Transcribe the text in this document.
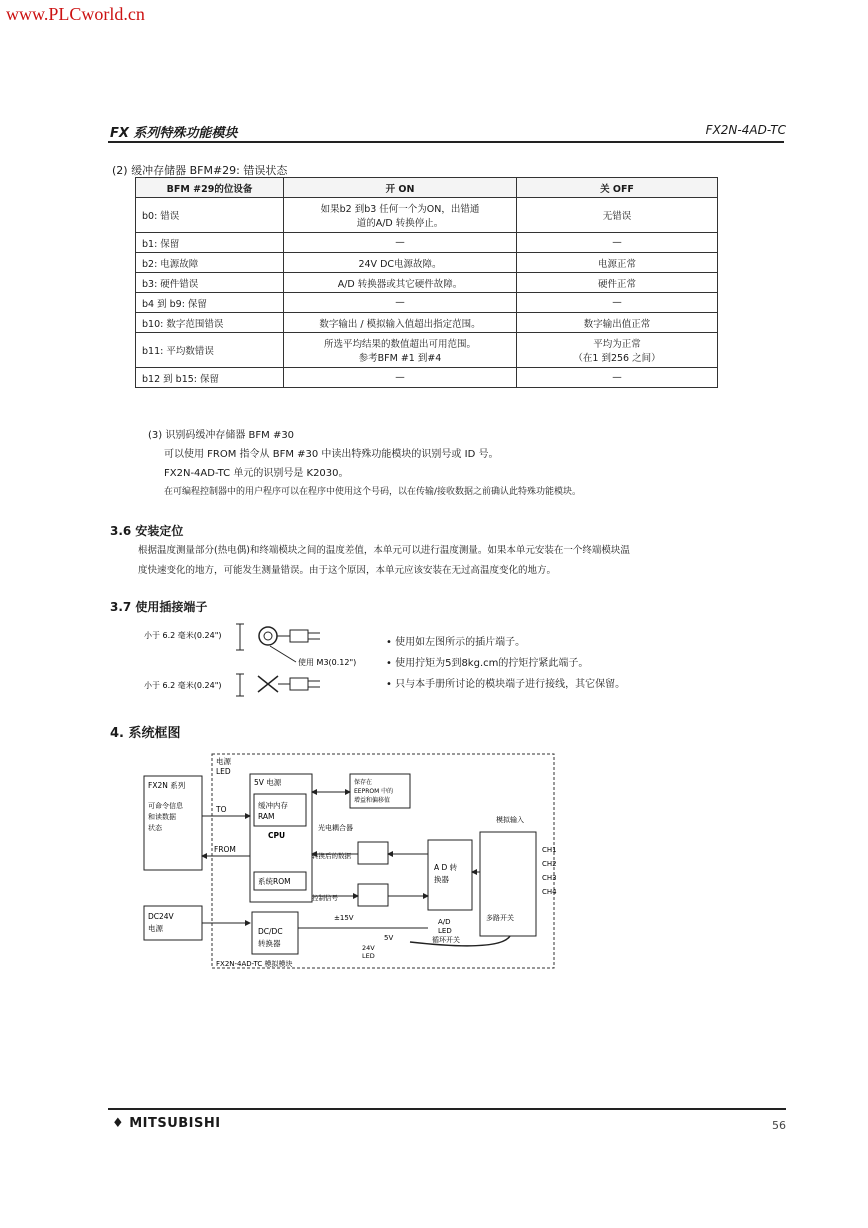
www.PLCworld.cn
FX 系列特殊功能模块	FX2N-4AD-TC
(2) 缓冲存储器 BFM#29: 错误状态
BFM #29的位设备	开 ON	关 OFF
b0: 错误	如果b2 到b3 任何一个为ON，出错通
道的A/D 转换停止。	无错误
b1: 保留	—	—
b2: 电源故障	24V DC电源故障。	电源正常
b3: 硬件错误	A/D 转换器或其它硬件故障。	硬件正常
b4 到 b9: 保留	—	—
b10: 数字范围错误	数字输出 / 模拟输入值超出指定范围。	数字输出值正常
b11: 平均数错误	所选平均结果的数值超出可用范围。
参考BFM #1 到#4	平均为正常
（在1 到256 之间）
b12 到 b15: 保留	—	—
(3) 识别码缓冲存储器 BFM #30
可以使用 FROM 指令从 BFM #30 中读出特殊功能模块的识别号或 ID 号。
FX2N-4AD-TC 单元的识别号是 K2030。
在可编程控制器中的用户程序可以在程序中使用这个号码，以在传输/接收数据之前确认此特殊功能模块。
3.6 安装定位
根据温度测量部分(热电偶)和终端模块之间的温度差值，本单元可以进行温度测量。如果本单元安装在一个终端模块温
度快速变化的地方，可能发生测量错误。由于这个原因，本单元应该安装在无过高温度变化的地方。
3.7 使用插接端子
小于 6.2 毫米(0.24")
小于 6.2 毫米(0.24")
使用 M3(0.12")
• 使用如左图所示的插片端子。
• 使用拧矩为5到8kg.cm的拧矩拧紧此端子。
• 只与本手册所讨论的模块端子进行接线，其它保留。
4. 系统框图
FX2N 系列
可命令信息和读数据状态
电源
LED
5V 电源
缓冲内存
RAM
CPU
系统ROM
TO
FROM
保存在
EEPROM 中的
增益和偏移值
光电耦合器
转换后的数据
控制信号
A D 转
换器
模拟输入
多路开关
CH1
CH2
CH3
CH4
A/D
LED
循环开关
DC24V
电源	DC/DC
转换器
±15V
5V
24V
LED
FX2N-4AD-TC 模拟模块
♦ MITSUBISHI	56
